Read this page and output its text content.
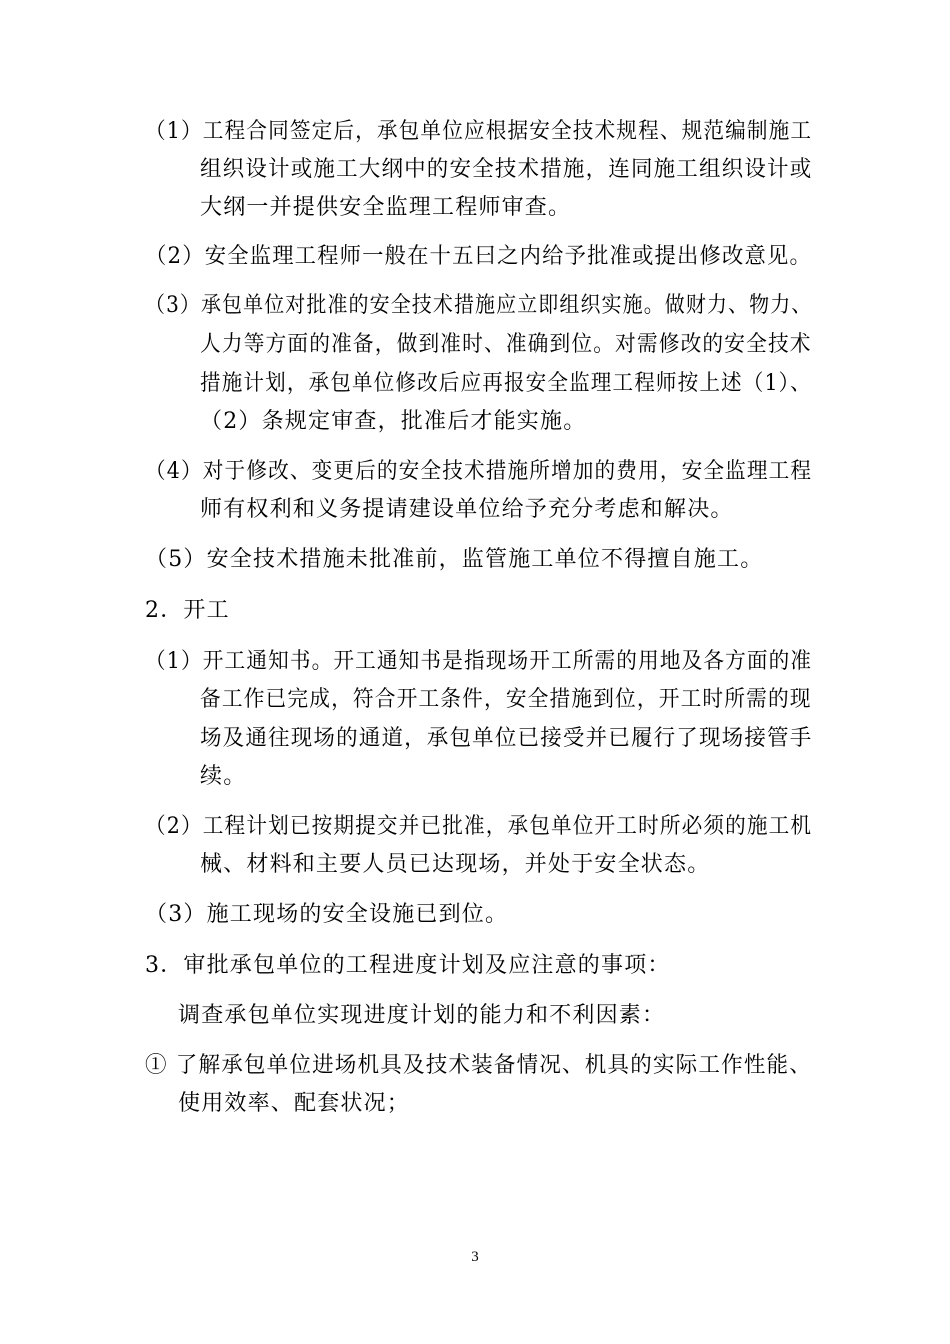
（1）工程合同签定后，承包单位应根据安全技术规程、规范编制施工
组织设计或施工大纲中的安全技术措施，连同施工组织设计或
大纲一并提供安全监理工程师审查。
（2）安全监理工程师一般在十五曰之内给予批准或提出修改意见。
（3）承包单位对批准的安全技术措施应立即组织实施。做财力、物力、
人力等方面的准备，做到准时、准确到位。对需修改的安全技术
措施计划，承包单位修改后应再报安全监理工程师按上述（1）、
（2）条规定审查，批准后才能实施。
（4）对于修改、变更后的安全技术措施所增加的费用，安全监理工程
师有权利和义务提请建设单位给予充分考虑和解决。
（5）安全技术措施未批准前，监管施工单位不得擅自施工。
2．开工
（1）开工通知书。开工通知书是指现场开工所需的用地及各方面的准
备工作已完成，符合开工条件，安全措施到位，开工时所需的现
场及通往现场的通道，承包单位已接受并已履行了现场接管手
续。
（2）工程计划已按期提交并已批准，承包单位开工时所必须的施工机
械、材料和主要人员已达现场，并处于安全状态。
（3）施工现场的安全设施已到位。
3．审批承包单位的工程进度计划及应注意的事项：
调查承包单位实现进度计划的能力和不利因素：
① 了解承包单位进场机具及技术装备情况、机具的实际工作性能、
使用效率、配套状况；
3
